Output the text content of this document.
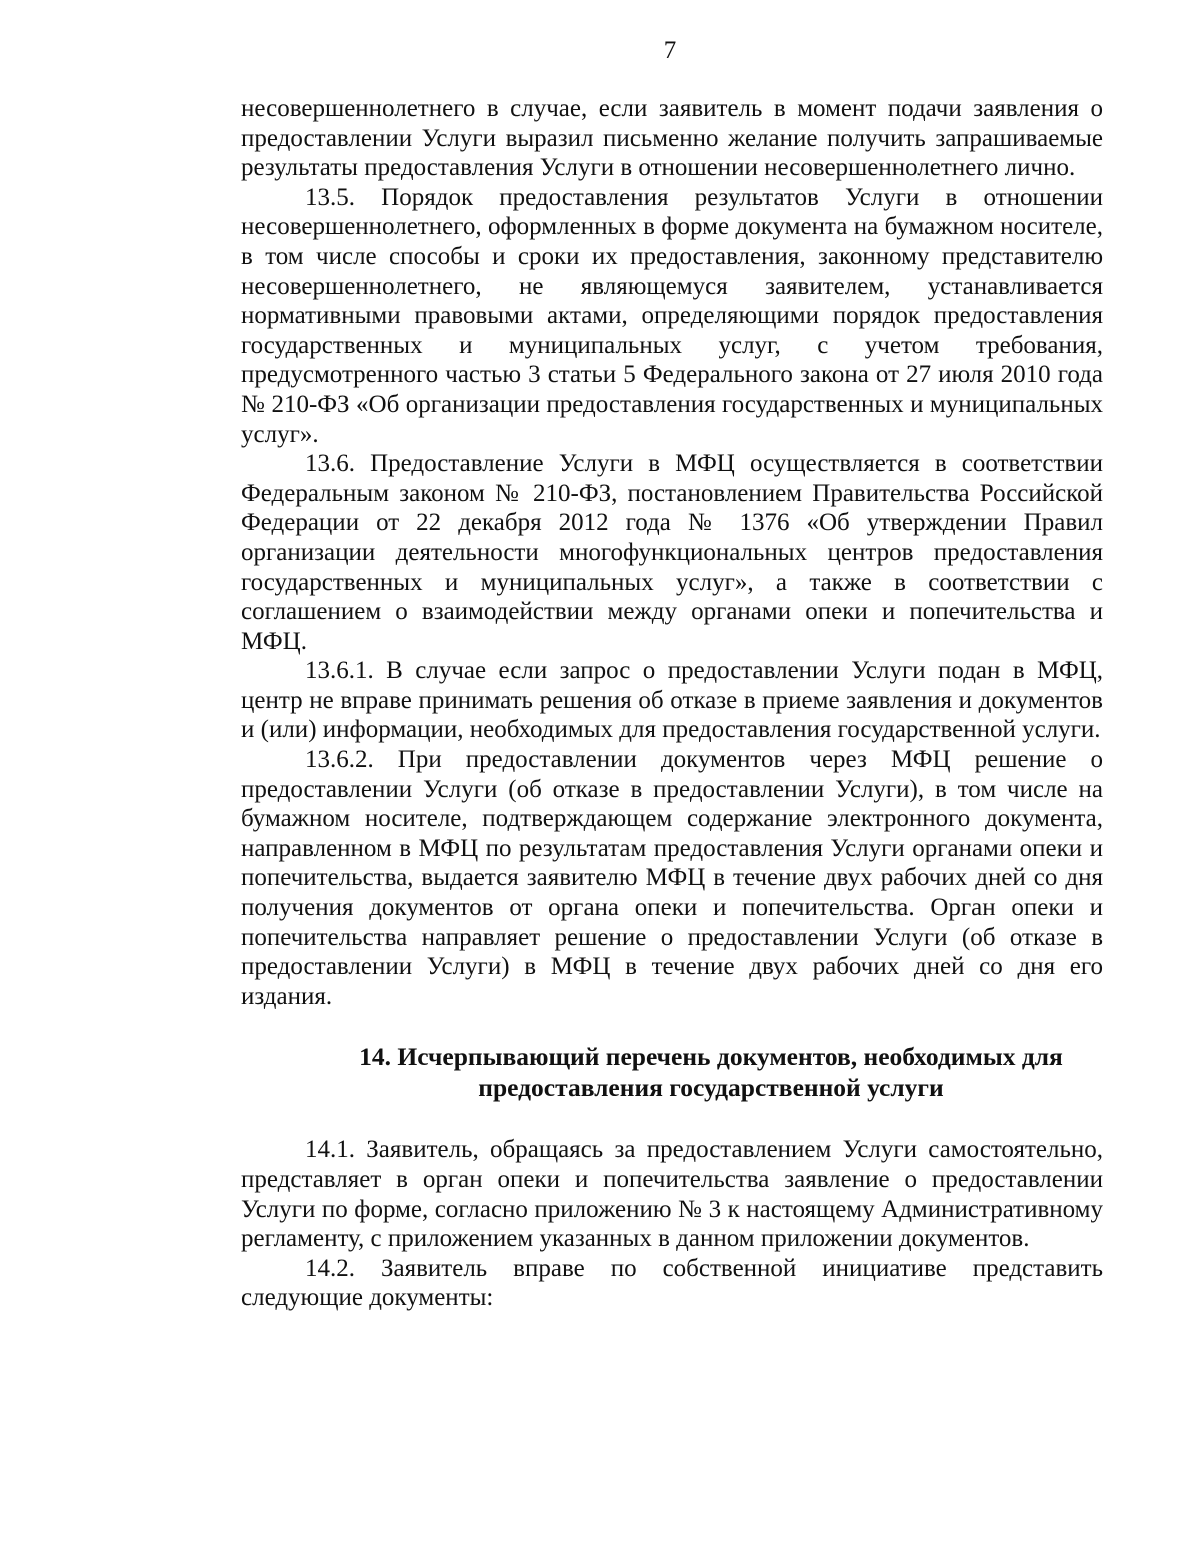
7

несовершеннолетнего в случае, если заявитель в момент подачи заявления о предоставлении Услуги выразил письменно желание получить запрашиваемые результаты предоставления Услуги в отношении несовершеннолетнего лично.

13.5. Порядок предоставления результатов Услуги в отношении несовершеннолетнего, оформленных в форме документа на бумажном носителе, в том числе способы и сроки их предоставления, законному представителю несовершеннолетнего, не являющемуся заявителем, устанавливается нормативными правовыми актами, определяющими порядок предоставления государственных и муниципальных услуг, с учетом требования, предусмотренного частью 3 статьи 5 Федерального закона от 27 июля 2010 года № 210-ФЗ «Об организации предоставления государственных и муниципальных услуг».

13.6. Предоставление Услуги в МФЦ осуществляется в соответствии Федеральным законом № 210-ФЗ, постановлением Правительства Российской Федерации от 22 декабря 2012 года № 1376 «Об утверждении Правил организации деятельности многофункциональных центров предоставления государственных и муниципальных услуг», а также в соответствии с соглашением о взаимодействии между органами опеки и попечительства и МФЦ.

13.6.1. В случае если запрос о предоставлении Услуги подан в МФЦ, центр не вправе принимать решения об отказе в приеме заявления и документов и (или) информации, необходимых для предоставления государственной услуги.

13.6.2. При предоставлении документов через МФЦ решение о предоставлении Услуги (об отказе в предоставлении Услуги), в том числе на бумажном носителе, подтверждающем содержание электронного документа, направленном в МФЦ по результатам предоставления Услуги органами опеки и попечительства, выдается заявителю МФЦ в течение двух рабочих дней со дня получения документов от органа опеки и попечительства. Орган опеки и попечительства направляет решение о предоставлении Услуги (об отказе в предоставлении Услуги) в МФЦ в течение двух рабочих дней со дня его издания.

14. Исчерпывающий перечень документов, необходимых для предоставления государственной услуги

14.1. Заявитель, обращаясь за предоставлением Услуги самостоятельно, представляет в орган опеки и попечительства заявление о предоставлении Услуги по форме, согласно приложению № 3 к настоящему Административному регламенту, с приложением указанных в данном приложении документов.

14.2. Заявитель вправе по собственной инициативе представить следующие документы:
